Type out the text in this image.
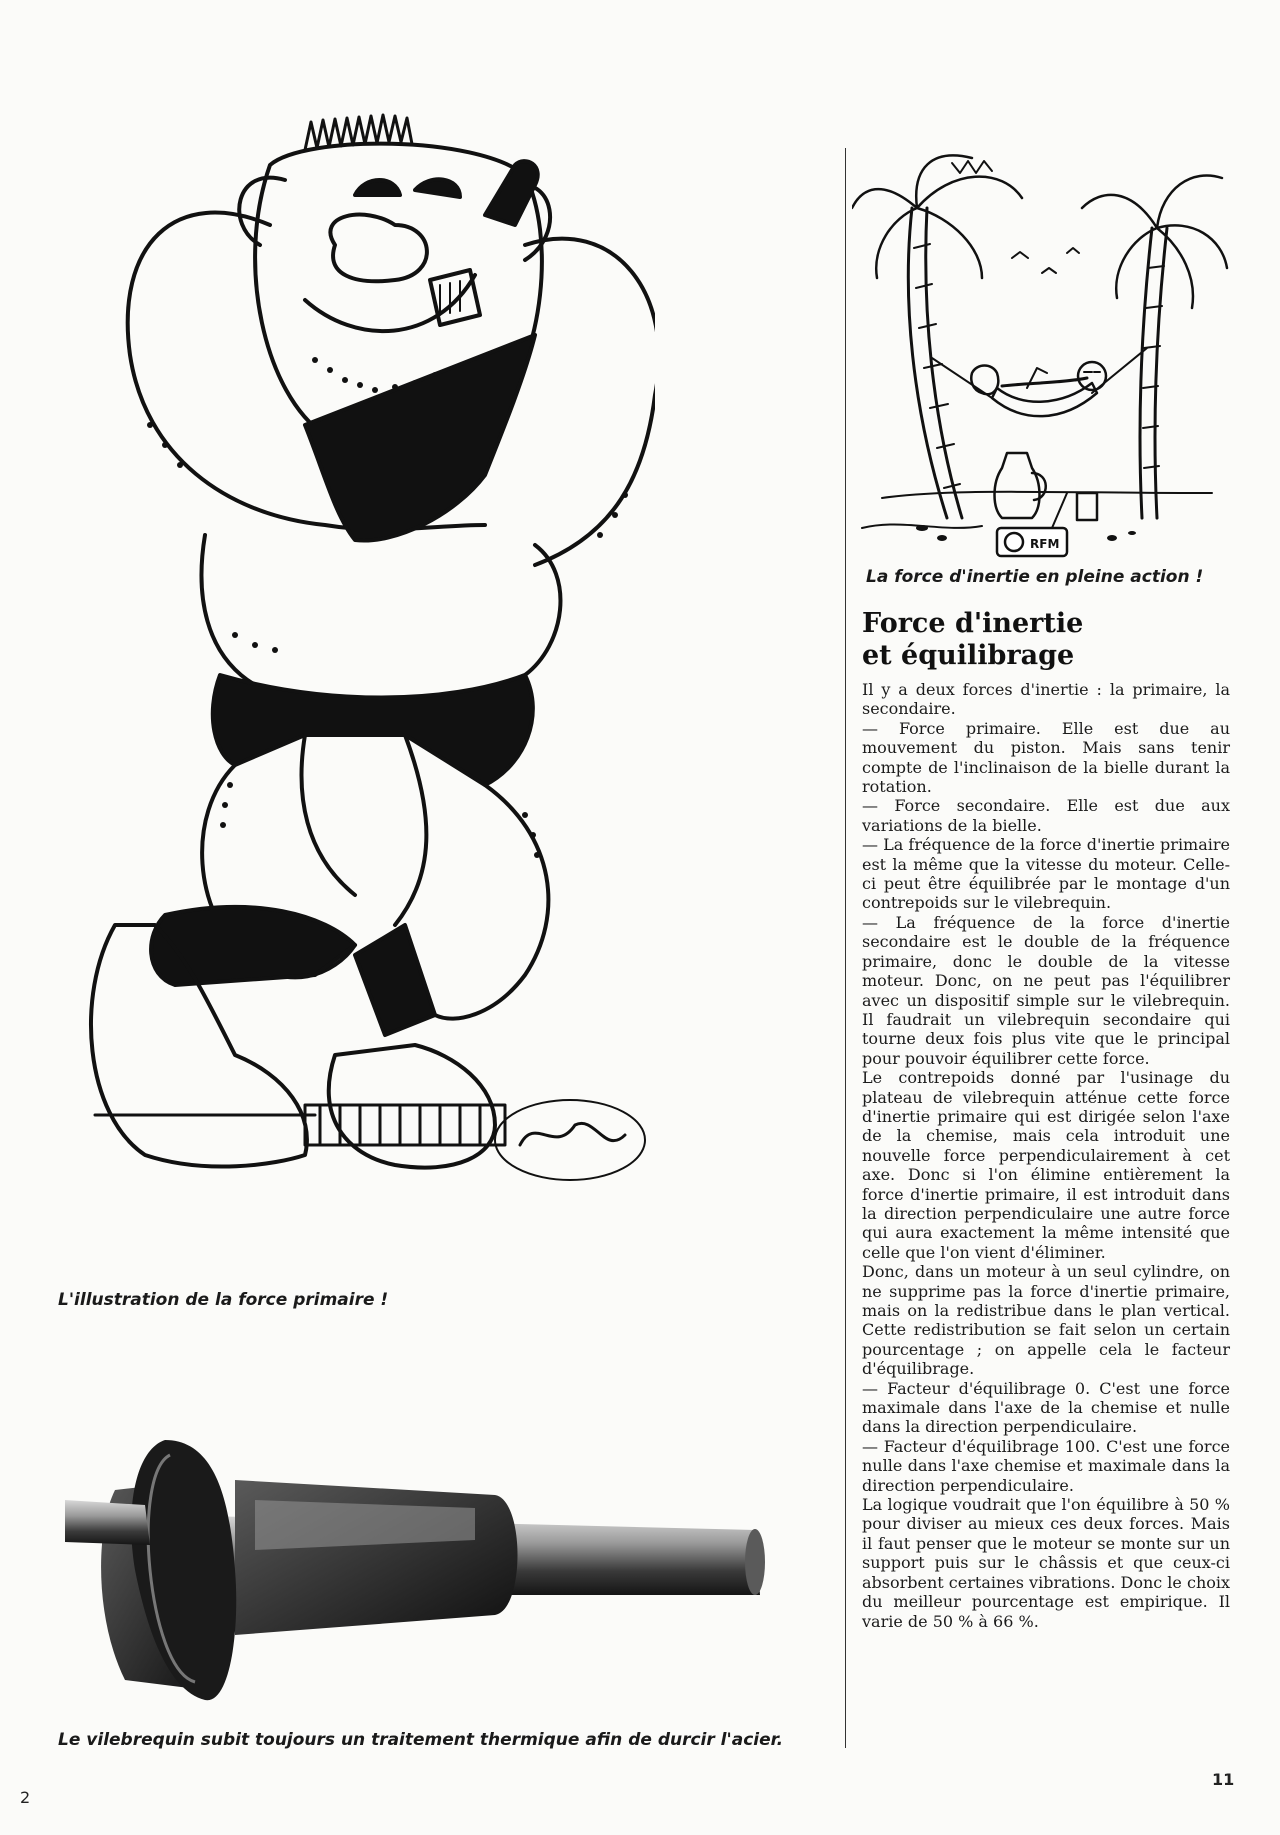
L'illustration de la force primaire !
Le vilebrequin subit toujours un traitement thermique afin de durcir l'acier.
RFM
La force d'inertie en pleine action !
Force d'inertie
et équilibrage

Il y a deux forces d'inertie : la primaire, la secondaire.

— Force primaire. Elle est due au mouvement du piston. Mais sans tenir compte de l'inclinaison de la bielle durant la rotation.

— Force secondaire. Elle est due aux variations de la bielle.

— La fréquence de la force d'inertie primaire est la même que la vitesse du moteur. Celle-ci peut être équilibrée par le montage d'un contrepoids sur le vilebrequin.

— La fréquence de la force d'inertie secondaire est le double de la fréquence primaire, donc le double de la vitesse moteur. Donc, on ne peut pas l'équilibrer avec un dispositif simple sur le vilebrequin. Il faudrait un vilebrequin secondaire qui tourne deux fois plus vite que le principal pour pouvoir équilibrer cette force.

Le contrepoids donné par l'usinage du plateau de vilebrequin atténue cette force d'inertie primaire qui est dirigée selon l'axe de la chemise, mais cela introduit une nouvelle force perpendiculairement à cet axe. Donc si l'on élimine entièrement la force d'inertie primaire, il est introduit dans la direction perpendiculaire une autre force qui aura exactement la même intensité que celle que l'on vient d'éliminer.

Donc, dans un moteur à un seul cylindre, on ne supprime pas la force d'inertie primaire, mais on la redistribue dans le plan vertical. Cette redistribution se fait selon un certain pourcentage ; on appelle cela le facteur d'équilibrage.

— Facteur d'équilibrage 0. C'est une force maximale dans l'axe de la chemise et nulle dans la direction perpendiculaire.

— Facteur d'équilibrage 100. C'est une force nulle dans l'axe chemise et maximale dans la direction perpendiculaire.

La logique voudrait que l'on équilibre à 50 % pour diviser au mieux ces deux forces. Mais il faut penser que le moteur se monte sur un support puis sur le châssis et que ceux-ci absorbent certaines vibrations. Donc le choix du meilleur pourcentage est empirique. Il varie de 50 % à 66 %.

2
11
